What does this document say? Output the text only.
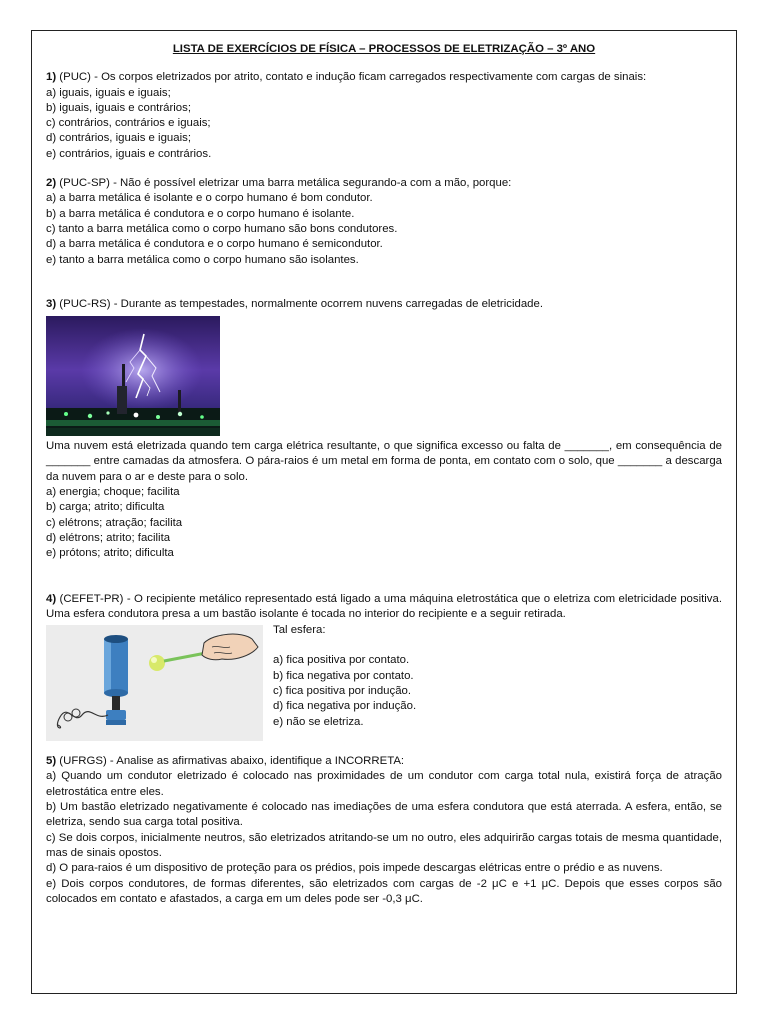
LISTA DE EXERCÍCIOS DE FÍSICA – PROCESSOS DE ELETRIZAÇÃO – 3º ANO

1) (PUC) - Os corpos eletrizados por atrito, contato e indução ficam carregados respectivamente com cargas de sinais:

a) iguais, iguais e iguais;

b) iguais, iguais e contrários;

c) contrários, contrários e iguais;

d) contrários, iguais e iguais;

e) contrários, iguais e contrários.

2) (PUC-SP) - Não é possível eletrizar uma barra metálica segurando-a com a mão, porque:

a) a barra metálica é isolante e o corpo humano é bom condutor.

b) a barra metálica é condutora e o corpo humano é isolante.

c) tanto a barra metálica como o corpo humano são bons condutores.

d) a barra metálica é condutora e o corpo humano é semicondutor.

e) tanto a barra metálica como o corpo humano são isolantes.

3) (PUC-RS) - Durante as tempestades, normalmente ocorrem nuvens carregadas de eletricidade.

Uma nuvem está eletrizada quando tem carga elétrica resultante, o que significa excesso ou falta de _______, em consequência de _______ entre camadas da atmosfera. O pára-raios é um metal em forma de ponta, em contato com o solo, que _______ a descarga da nuvem para o ar e deste para o solo.

a) energia; choque; facilita

b) carga; atrito; dificulta

c) elétrons; atração; facilita

d) elétrons; atrito; facilita

e) prótons; atrito; dificulta

4) (CEFET-PR) - O recipiente metálico representado está ligado a uma máquina eletrostática que o eletriza com eletricidade positiva. Uma esfera condutora presa a um bastão isolante é tocada no interior do recipiente e a seguir retirada.

Tal esfera:

a) fica positiva por contato.

b) fica negativa por contato.

c) fica positiva por indução.

d) fica negativa por indução.

e) não se eletriza.

5) (UFRGS) - Analise as afirmativas abaixo, identifique a INCORRETA:

a) Quando um condutor eletrizado é colocado nas proximidades de um condutor com carga total nula, existirá força de atração eletrostática entre eles.

b) Um bastão eletrizado negativamente é colocado nas imediações de uma esfera condutora que está aterrada. A esfera, então, se eletriza, sendo sua carga total positiva.

c) Se dois corpos, inicialmente neutros, são eletrizados atritando-se um no outro, eles adquirirão cargas totais de mesma quantidade, mas de sinais opostos.

d) O para-raios é um dispositivo de proteção para os prédios, pois impede descargas elétricas entre o prédio e as nuvens.

e) Dois corpos condutores, de formas diferentes, são eletrizados com cargas de -2 μC e +1 μC. Depois que esses corpos são colocados em contato e afastados, a carga em um deles pode ser -0,3 μC.
